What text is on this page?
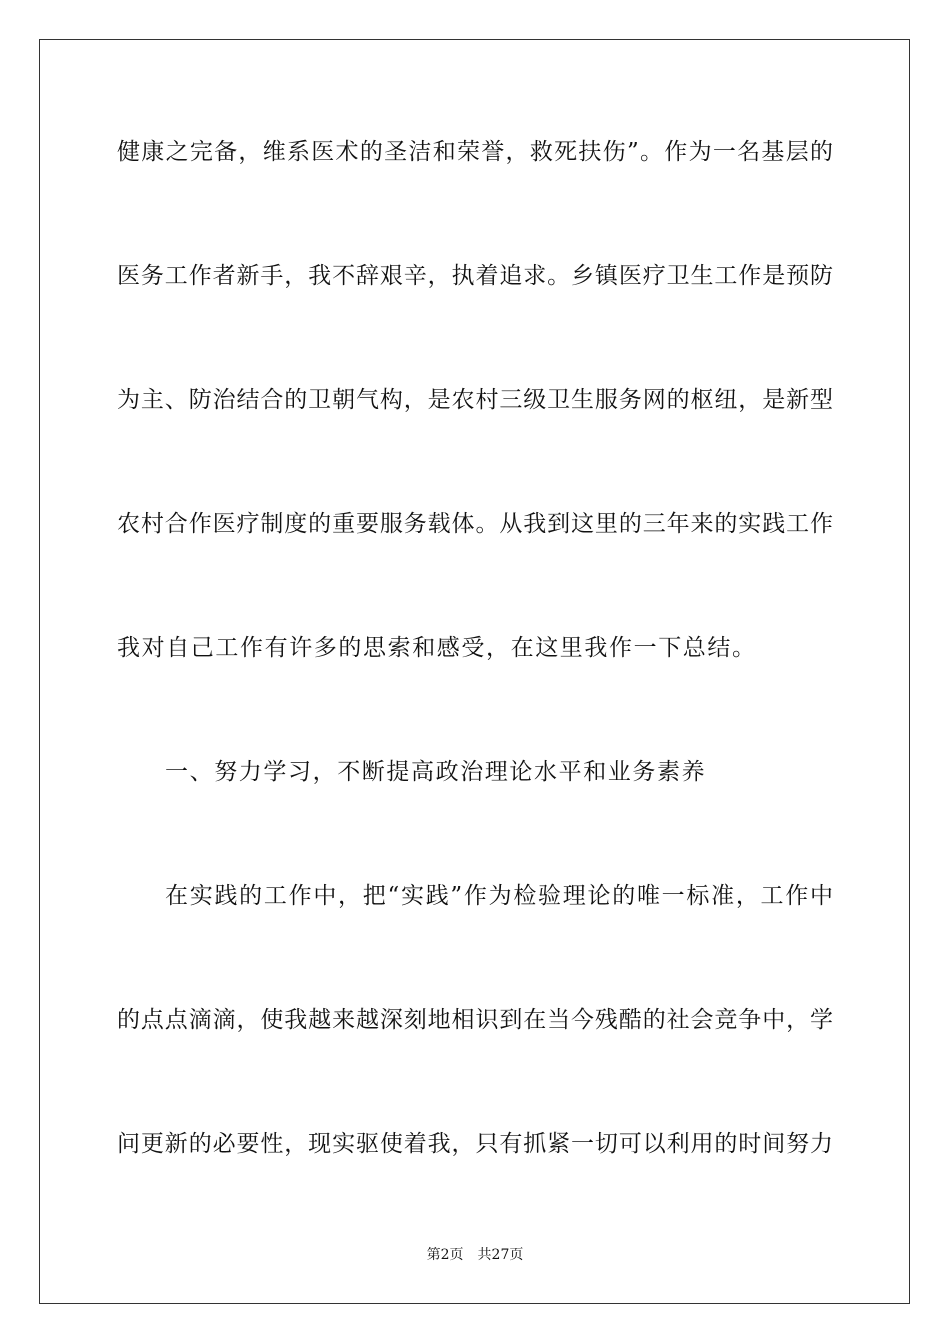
健康之完备，维系医术的圣洁和荣誉，救死扶伤”。作为一名基层的
医务工作者新手，我不辞艰辛，执着追求。乡镇医疗卫生工作是预防
为主、防治结合的卫朝气构，是农村三级卫生服务网的枢纽，是新型
农村合作医疗制度的重要服务载体。从我到这里的三年来的实践工作
我对自己工作有许多的思索和感受，在这里我作一下总结。
一、努力学习，不断提高政治理论水平和业务素养
在实践的工作中，把“实践”作为检验理论的唯一标准，工作中
的点点滴滴，使我越来越深刻地相识到在当今残酷的社会竞争中，学
问更新的必要性，现实驱使着我，只有抓紧一切可以利用的时间努力
第2页 共27页
